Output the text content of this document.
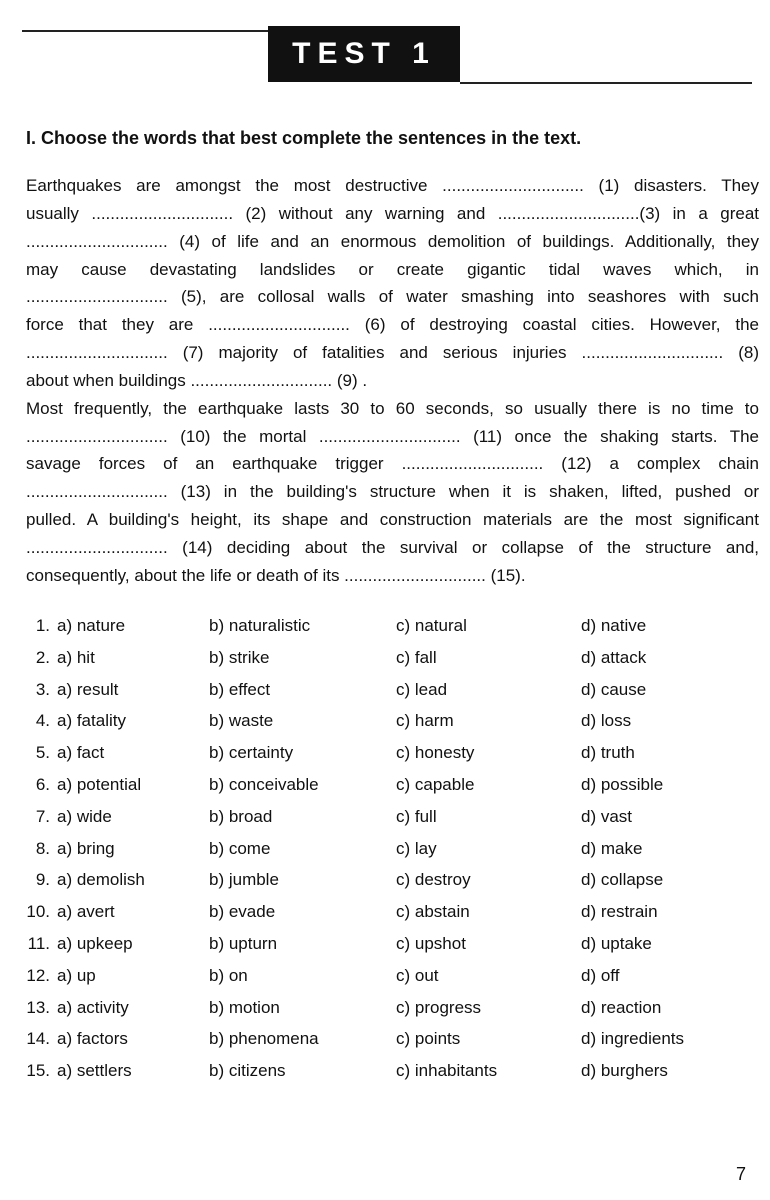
TEST 1
I. Choose the words that best complete the sentences in the text.
Earthquakes are amongst the most destructive .............................. (1) disasters. They
usually .............................. (2) without any warning and ..............................(3) in a great
.............................. (4) of life and an enormous demolition of buildings. Additionally, they
may cause devastating landslides or create gigantic tidal waves which, in
.............................. (5), are collosal walls of water smashing into seashores with such
force that they are .............................. (6) of destroying coastal cities. However, the
.............................. (7) majority of fatalities and serious injuries .............................. (8)
about when buildings .............................. (9) .
Most frequently, the earthquake lasts 30 to 60 seconds, so usually there is no time to
.............................. (10) the mortal .............................. (11) once the shaking starts. The
savage forces of an earthquake trigger .............................. (12) a complex chain
.............................. (13) in the building's structure when it is shaken, lifted, pushed or
pulled. A building's height, its shape and construction materials are the most significant
.............................. (14) deciding about the survival or collapse of the structure and,
consequently, about the life or death of its .............................. (15).
1. a) nature	b) naturalistic	c) natural	d) native
2. a) hit	b) strike	c) fall	d) attack
3. a) result	b) effect	c) lead	d) cause
4. a) fatality	b) waste	c) harm	d) loss
5. a) fact	b) certainty	c) honesty	d) truth
6. a) potential	b) conceivable	c) capable	d) possible
7. a) wide	b) broad	c) full	d) vast
8. a) bring	b) come	c) lay	d) make
9. a) demolish	b) jumble	c) destroy	d) collapse
10. a) avert	b) evade	c) abstain	d) restrain
11. a) upkeep	b) upturn	c) upshot	d) uptake
12. a) up	b) on	c) out	d) off
13. a) activity	b) motion	c) progress	d) reaction
14. a) factors	b) phenomena	c) points	d) ingredients
15. a) settlers	b) citizens	c) inhabitants	d) burghers
7
